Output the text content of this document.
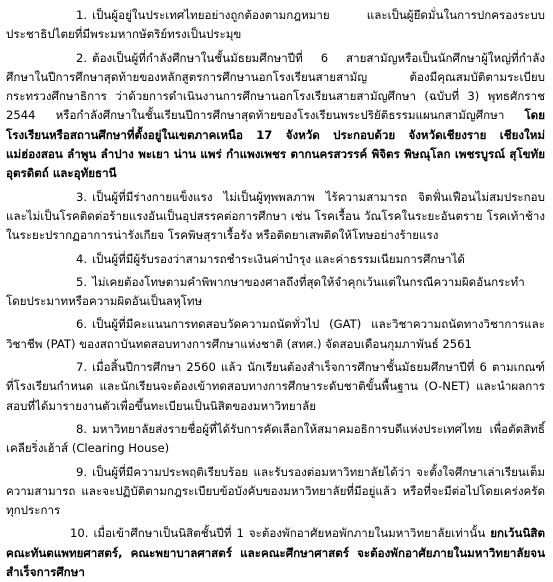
1. เป็นผู้อยู่ในประเทศไทยอย่างถูกต้องตามกฎหมาย และเป็นผู้ยึดมั่นในการปกครองระบบประชาธิปไตยที่มีพระมหากษัตริย์ทรงเป็นประมุข

2. ต้องเป็นผู้ที่กำลังศึกษาในชั้นมัธยมศึกษาปีที่ 6 สายสามัญหรือเป็นนักศึกษาผู้ใหญ่ที่กำลังศึกษาในปีการศึกษาสุดท้ายของหลักสูตรการศึกษานอกโรงเรียนสายสามัญ ต้องมีคุณสมบัติตามระเบียบ กระทรวงศึกษาธิการ ว่าด้วยการดำเนินงานการศึกษานอกโรงเรียนสายสามัญศึกษา (ฉบับที่ 3) พุทธศักราช 2544 หรือกำลังศึกษาในชั้นเรียนปีการศึกษาสุดท้ายของโรงเรียนพระปริยัติธรรมแผนกสามัญศึกษา โดยโรงเรียนหรือสถานศึกษาที่ตั้งอยู่ในเขตภาคเหนือ 17 จังหวัด ประกอบด้วย จังหวัดเชียงราย เชียงใหม่ แม่ฮ่องสอน ลำพูน ลำปาง พะเยา น่าน แพร่ กำแพงเพชร ตากนครสวรรค์ พิจิตร พิษณุโลก เพชรบูรณ์ สุโขทัย อุตรดิตถ์ และอุทัยธานี

3. เป็นผู้ที่มีร่างกายแข็งแรง ไม่เป็นผู้ทุพพลภาพ ไร้ความสามารถ จิตฟั่นเฟือนไม่สมประกอบ และไม่เป็นโรคติดต่อร้ายแรงอันเป็นอุปสรรคต่อการศึกษา เช่น โรคเรื้อน วัณโรคในระยะอันตราย โรคเท้าช้างในระยะปรากฏอาการน่ารังเกียจ โรคพิษสุราเรื้อรัง หรือติดยาเสพติดให้โทษอย่างร้ายแรง

4. เป็นผู้ที่มีผู้รับรองว่าสามารถชำระเงินค่าบำรุง และค่าธรรมเนียมการศึกษาได้

5. ไม่เคยต้องโทษตามคำพิพากษาของศาลถึงที่สุดให้จำคุกเว้นแต่ในกรณีความผิดอันกระทำโดยประมาทหรือความผิดอันเป็นลหุโทษ

6. เป็นผู้ที่มีคะแนนการทดสอบวัดความถนัดทั่วไป (GAT) และวิชาความถนัดทางวิชาการและวิชาชีพ (PAT) ของสถาบันทดสอบทางการศึกษาแห่งชาติ (สทศ.) จัดสอบเดือนกุมภาพันธ์ 2561

7. เมื่อสิ้นปีการศึกษา 2560 แล้ว นักเรียนต้องสำเร็จการศึกษาชั้นมัธยมศึกษาปีที่ 6 ตามเกณฑ์ที่โรงเรียนกำหนด และนักเรียนจะต้องเข้าทดสอบทางการศึกษาระดับชาติขั้นพื้นฐาน (O-NET) และนำผลการสอบที่ได้มารายงานตัวเพื่อขึ้นทะเบียนเป็นนิสิตของมหาวิทยาลัย

8. มหาวิทยาลัยส่งรายชื่อผู้ที่ได้รับการคัดเลือกให้สมาคมอธิการบดีแห่งประเทศไทย เพื่อตัดสิทธิ์เคลียริ่งเฮ้าส์ (Clearing House)

9. เป็นผู้ที่มีความประพฤติเรียบร้อย และรับรองต่อมหาวิทยาลัยได้ว่า จะตั้งใจศึกษาเล่าเรียนเต็มความสามารถ และจะปฏิบัติตามกฎระเบียบข้อบังคับของมหาวิทยาลัยที่มีอยู่แล้ว หรือที่จะมีต่อไปโดยเคร่งครัดทุกประการ

10. เมื่อเข้าศึกษาเป็นนิสิตชั้นปีที่ 1 จะต้องพักอาศัยหอพักภายในมหาวิทยาลัยเท่านั้น ยกเว้นนิสิตคณะทันตแพทยศาสตร์, คณะพยาบาลศาสตร์ และคณะศึกษาศาสตร์ จะต้องพักอาศัยภายในมหาวิทยาลัยจน สำเร็จการศึกษา
